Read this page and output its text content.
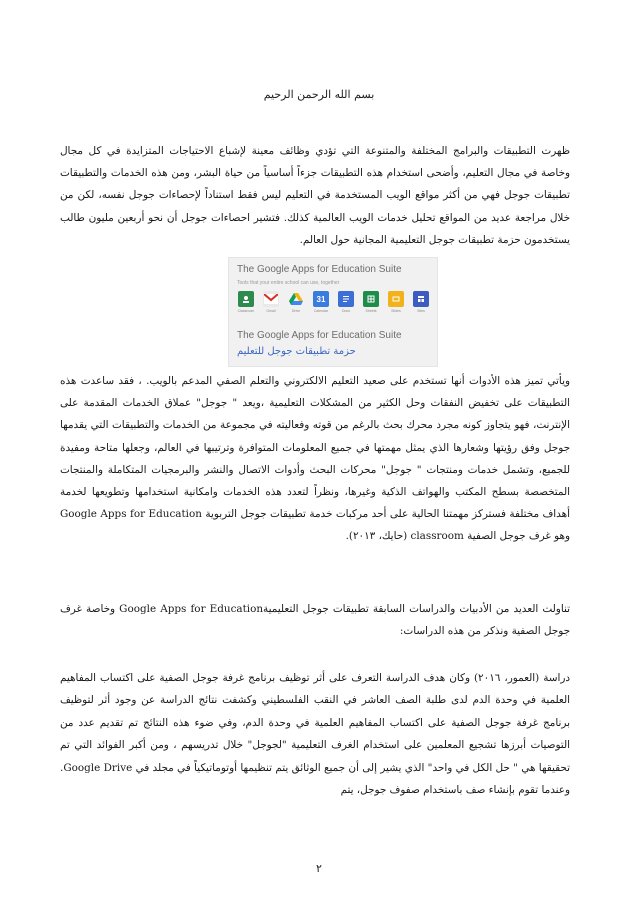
بسم الله الرحمن الرحيم

ظهرت التطبيقات والبرامج المختلفة والمتنوعة التي تؤدي وظائف معينة لإشباع الاحتياجات المتزايدة في كل مجال وخاصة في مجال التعليم، وأضحى استخدام هذه التطبيقات جزءاً أساسياً من حياة البشر، ومن هذه الخدمات والتطبيقات تطبيقات جوجل فهي من أكثر مواقع الويب المستخدمة في التعليم ليس فقط استناداً لإحصاءات جوجل نفسه، لكن من خلال مراجعة عديد من المواقع تحليل خدمات الويب العالمية كذلك. فتشير احصاءات جوجل أن نحو أربعين مليون طالب يستخدمون حزمة تطبيقات جوجل التعليمية المجانية حول العالم.

The Google Apps for Education Suite
Tools that your entire school can use, together
Classroom	Gmail	Drive
31
Calendar	Docs	Sheets	Slides	Sites
The Google Apps for Education Suite
حزمة تطبيقات جوجل للتعليم

ويأتي تميز هذه الأدوات أنها تستخدم على صعيد التعليم الالكتروني والتعلم الصفي المدعم بالويب. ، فقد ساعدت هذه التطبيقات على تخفيض النفقات وحل الكثير من المشكلات التعليمية ،ويعد " جوجل" عملاق الخدمات المقدمة على الإنترنت، فهو يتجاوز كونه مجرد محرك بحث بالرغم من قوته وفعاليته في مجموعة من الخدمات والتطبيقات التي يقدمها جوجل وفق رؤيتها وشعارها الذي يمثل مهمتها في جميع المعلومات المتوافرة وترتيبها في العالم، وجعلها متاحة ومفيدة للجميع، وتشمل خدمات ومنتجات " جوجل" محركات البحث وأدوات الاتصال والنشر والبرمجيات المتكاملة والمنتجات المتخصصة بسطح المكتب والهواتف الذكية وغيرها، ونظراً لتعدد هذه الخدمات وامكانية استخدامها وتطويعها لخدمة أهداف مختلفة فستركز مهمتنا الحالية على أحد مركبات خدمة تطبيقات جوجل التربوية Google Apps for Education وهو غرف جوجل الصفية classroom (حايك، ٢٠١٣).

تناولت العديد من الأدبيات والدراسات السابقة تطبيقات جوجل التعليميةGoogle Apps for Education وخاصة غرف جوجل الصفية ونذكر من هذه الدراسات:

دراسة (العمور، ٢٠١٦) وكان هدف الدراسة التعرف على أثر توظيف برنامج غرفة جوجل الصفية على اكتساب المفاهيم العلمية في وحدة الدم لدى طلبة الصف العاشر في النقب الفلسطيني وكشفت نتائج الدراسة عن وجود أثر لتوظيف برنامج غرفة جوجل الصفية على اكتساب المفاهيم العلمية في وحدة الدم، وفي ضوء هذه النتائج تم تقديم عدد من التوصيات أبرزها تشجيع المعلمين على استخدام الغرف التعليمية "لجوجل" خلال تدريسهم ، ومن أكبر الفوائد التي تم تحقيقها هي " حل الكل في واحد" الذي يشير إلى أن جميع الوثائق يتم تنظيمها أوتوماتيكياً في مجلد في Google Drive. وعندما تقوم بإنشاء صف باستخدام صفوف جوجل، يتم

٢
